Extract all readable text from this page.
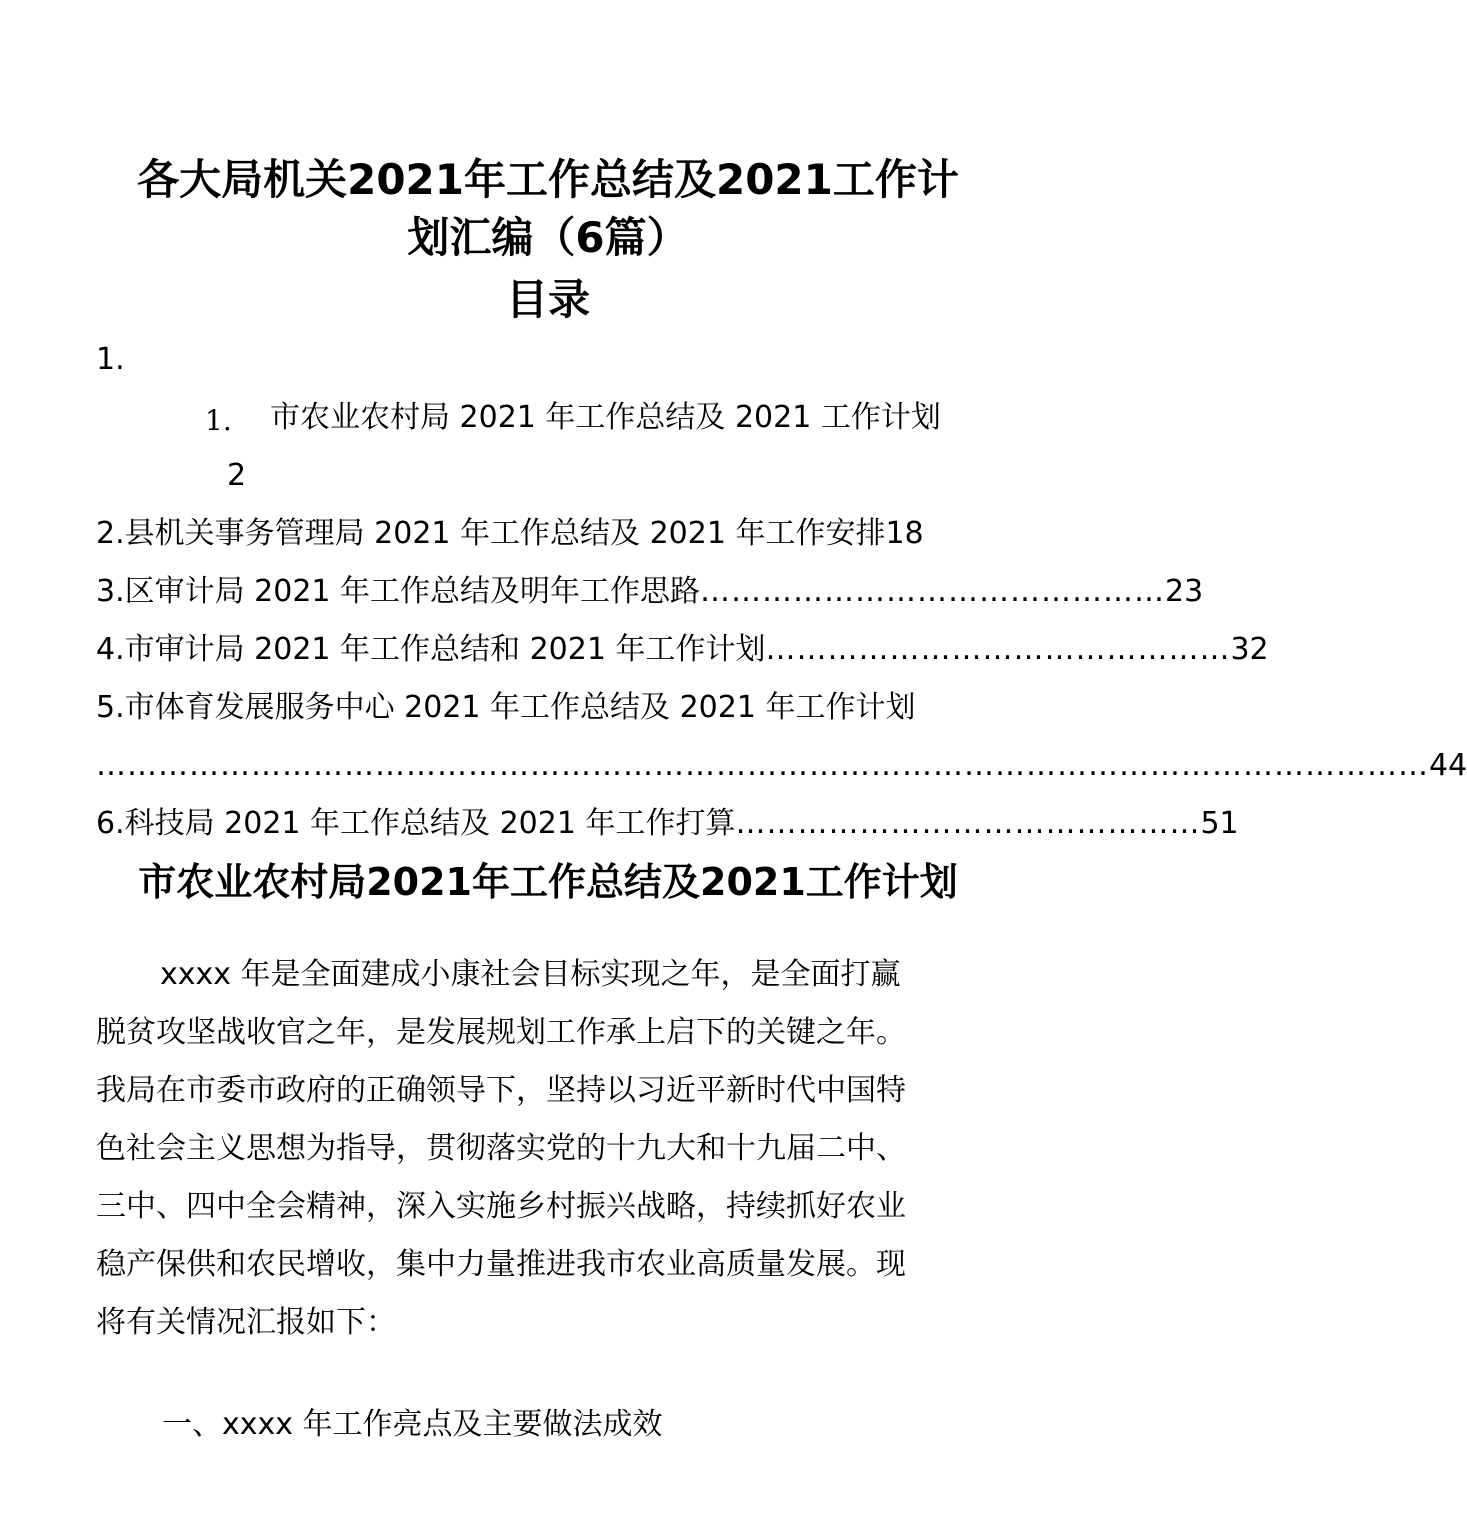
各大局机关2021年工作总结及2021工作计
划汇编（6篇）
目录
1.
1. 市农业农村局 2021 年工作总结及 2021 工作计划
2
2.县机关事务管理局 2021 年工作总结及 2021 年工作安排 18
3.区审计局 2021 年工作总结及明年工作思路 ……………………………………… 23
4.市审计局 2021 年工作总结和 2021 年工作计划 ……………………………………… 32
5.市体育发展服务中心 2021 年工作总结及 2021 年工作计划
………………………………………………………………………………………………………………… 44
6.科技局 2021 年工作总结及 2021 年工作打算 ……………………………………… 51
市农业农村局2021年工作总结及2021工作计划
xxxx 年是全面建成小康社会目标实现之年，是全面打赢
脱贫攻坚战收官之年，是发展规划工作承上启下的关键之年。
我局在市委市政府的正确领导下，坚持以习近平新时代中国特
色社会主义思想为指导，贯彻落实党的十九大和十九届二中、
三中、四中全会精神，深入实施乡村振兴战略，持续抓好农业
稳产保供和农民增收，集中力量推进我市农业高质量发展。现
将有关情况汇报如下：
一、xxxx 年工作亮点及主要做法成效
